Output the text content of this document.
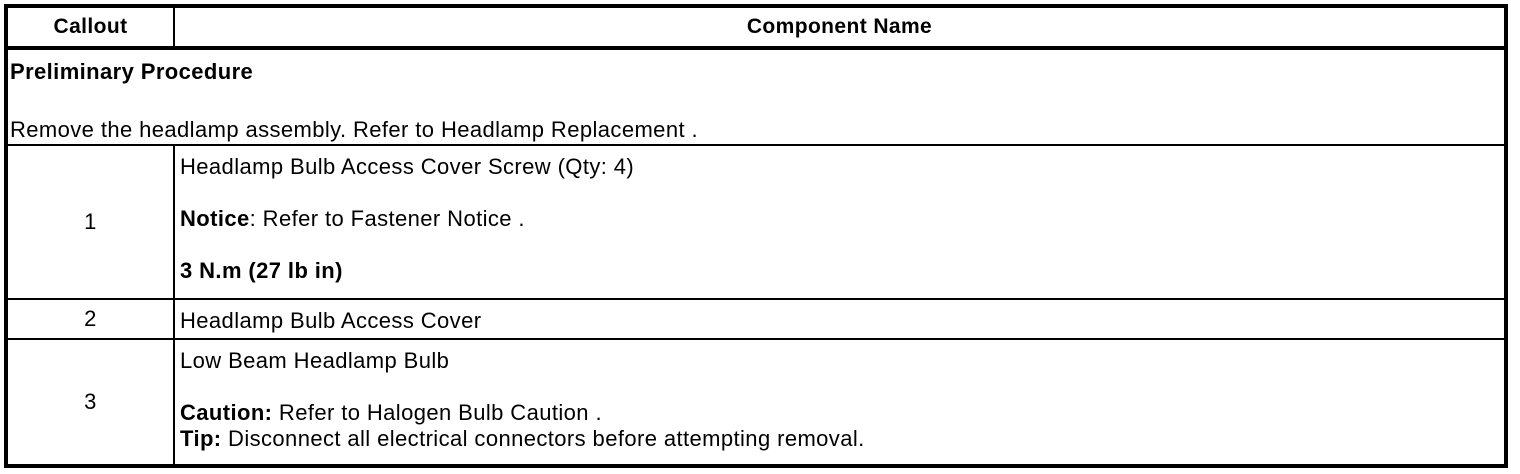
Callout	Component Name

Preliminary Procedure

Remove the headlamp assembly. Refer to Headlamp Replacement .

1

Headlamp Bulb Access Cover Screw (Qty: 4)

Notice: Refer to Fastener Notice .

3 N.m (27 lb in)

2	Headlamp Bulb Access Cover

3

Low Beam Headlamp Bulb

Caution: Refer to Halogen Bulb Caution .

Tip: Disconnect all electrical connectors before attempting removal.
